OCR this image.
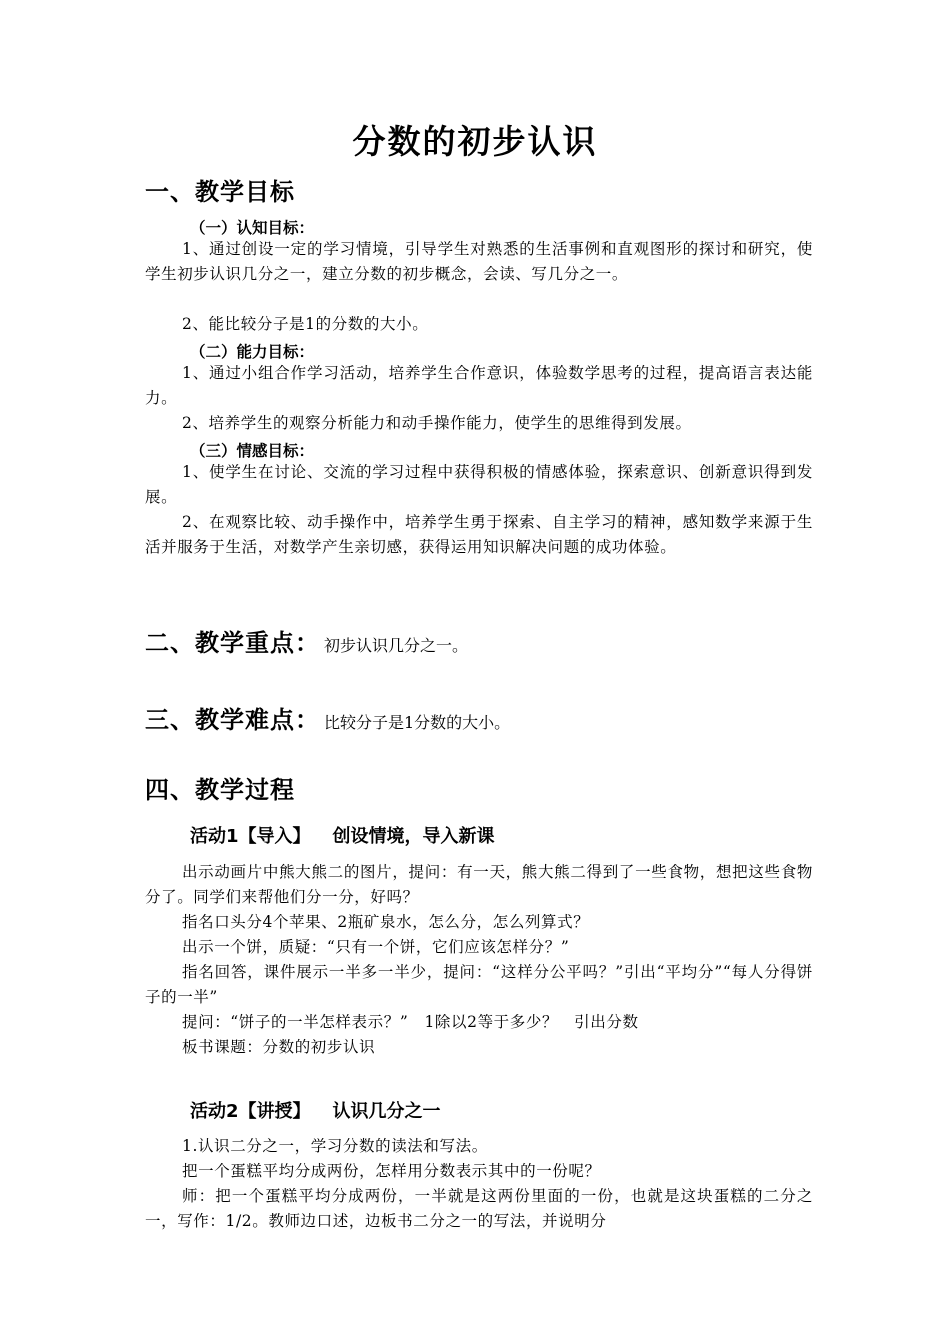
分数的初步认识
一、教学目标
（一）认知目标：
1、通过创设一定的学习情境，引导学生对熟悉的生活事例和直观图形的探讨和研究，使学生初步认识几分之一，建立分数的初步概念，会读、写几分之一。
2、能比较分子是1的分数的大小。
（二）能力目标：
1、通过小组合作学习活动，培养学生合作意识，体验数学思考的过程，提高语言表达能力。
2、培养学生的观察分析能力和动手操作能力，使学生的思维得到发展。
（三）情感目标：
1、使学生在讨论、交流的学习过程中获得积极的情感体验，探索意识、创新意识得到发展。
2、在观察比较、动手操作中，培养学生勇于探索、自主学习的精神，感知数学来源于生活并服务于生活，对数学产生亲切感，获得运用知识解决问题的成功体验。
二、教学重点： 初步认识几分之一。
三、教学难点： 比较分子是1分数的大小。
四、教学过程
活动1【导入】 创设情境，导入新课
出示动画片中熊大熊二的图片，提问：有一天，熊大熊二得到了一些食物，想把这些食物分了。同学们来帮他们分一分，好吗？
指名口头分4个苹果、2瓶矿泉水，怎么分，怎么列算式？
出示一个饼，质疑：“只有一个饼，它们应该怎样分？”
指名回答，课件展示一半多一半少，提问：“这样分公平吗？”引出“平均分”“每人分得饼子的一半”
提问：“饼子的一半怎样表示？”　1除以2等于多少？　引出分数
板书课题：分数的初步认识
活动2【讲授】 认识几分之一
1.认识二分之一，学习分数的读法和写法。
把一个蛋糕平均分成两份，怎样用分数表示其中的一份呢？
师：把一个蛋糕平均分成两份，一半就是这两份里面的一份，也就是这块蛋糕的二分之一，写作：1/2。教师边口述，边板书二分之一的写法，并说明分
